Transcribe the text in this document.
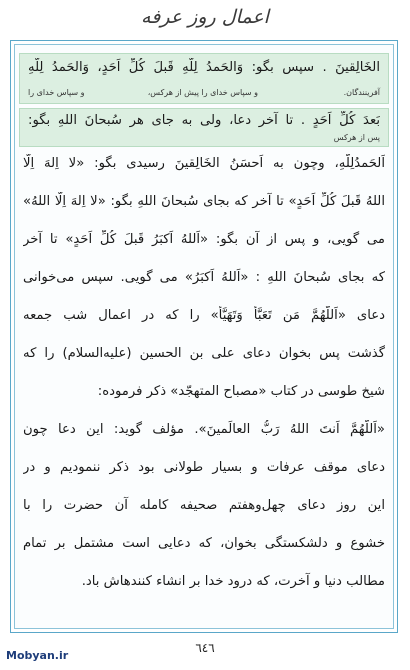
اعمال روز عرفه
الخَالِقینَ . سپس بگو: وَالحَمدُ لِلّهِ قَبلَ کُلِّ اَحَدٍ، وَالحَمدُ لِلّهِ
آفرینندگان.
و سپاس خدای را پیش از هرکس،
و سپاس خدای را
بَعدَ کُلِّ اَحَدٍ . تا آخر دعا، ولی به جای هر سُبحانَ اللهِ بگو:
پس از هرکس
اَلحَمدُلِلّهِ، وچون به اَحسَنُ الخَالِقینَ رسیدی بگو: «لا اِلهَ اِلّا
اللهُ قَبلَ کُلِّ اَحَدٍ» تا آخر که بجای سُبحانَ اللهِ بگو: «لا اِلهَ اِلّا اللهُ»
می گویی، و پس از آن بگو: «اَللهُ اَکبَرُ قَبلَ کُلِّ اَحَدٍ» تا آخر
که بجای سُبحانَ اللهِ : «اَللهُ اَکبَرُ» می گویی. سپس می‌خوانی
دعای «اَللّهُمَّ مَن تَعَبَّأ وَتَهَیَّأ» را که در اعمال شب جمعه
گذشت پس بخوان دعای علی بن الحسین (علیه‌السلام) را که
شیخ طوسی در کتاب «مصباح المتهجّد» ذکر فرموده:
«اَللّهُمَّ اَنتَ اللهُ رَبُّ العالَمینَ». مؤلف گوید: این دعا چون
دعای موقف عرفات و بسیار طولانی بود ذکر ننمودیم و در
این روز دعای چهل‌وهفتم صحیفه کامله آن حضرت را با
خشوع و دلشکستگی بخوان، که دعایی است مشتمل بر تمام
مطالب دنیا و آخرت، که درود خدا بر انشاء کنندهاش باد.
٦٤٦
Mobyan.ir
